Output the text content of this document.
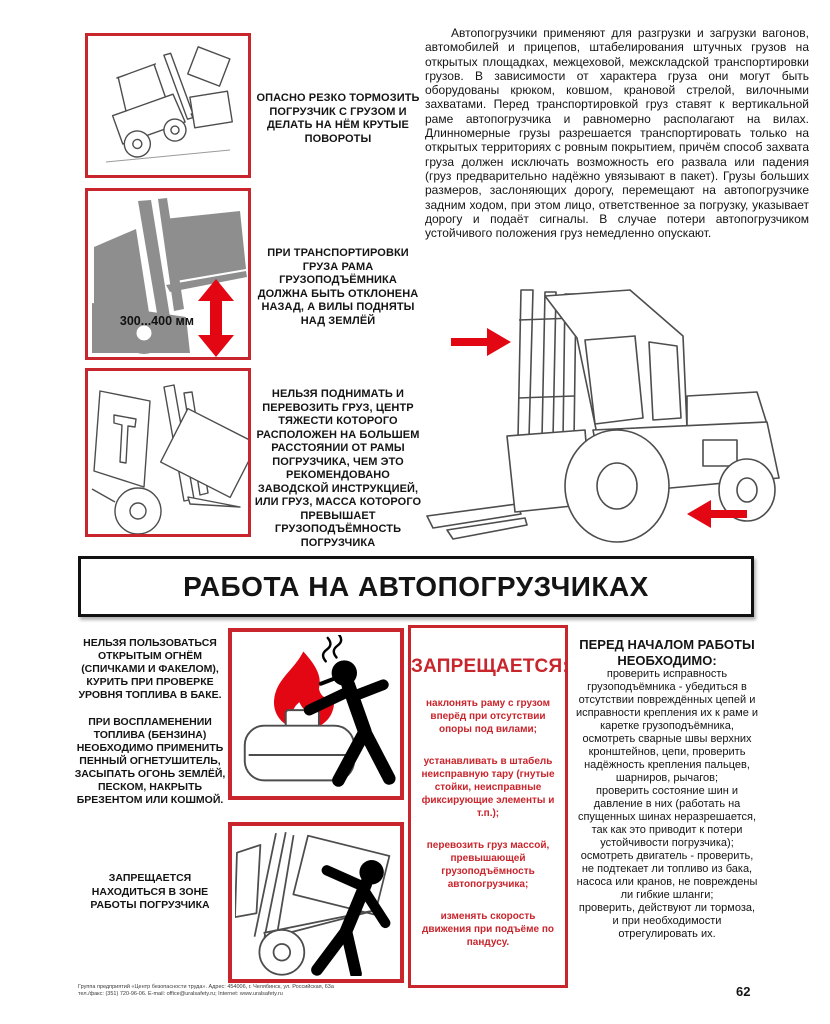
300...400 мм
ОПАСНО РЕЗКО ТОРМОЗИТЬ ПОГРУЗЧИК С ГРУЗОМ И ДЕЛАТЬ НА НЁМ КРУТЫЕ ПОВОРОТЫ
ПРИ ТРАНСПОРТИРОВКИ ГРУЗА РАМА ГРУЗОПОДЪЁМНИКА ДОЛЖНА БЫТЬ ОТКЛОНЕНА НАЗАД, А ВИЛЫ ПОДНЯТЫ НАД ЗЕМЛЁЙ
НЕЛЬЗЯ ПОДНИМАТЬ И ПЕРЕВОЗИТЬ ГРУЗ, ЦЕНТР ТЯЖЕСТИ КОТОРОГО РАСПОЛОЖЕН НА БОЛЬШЕМ РАССТОЯНИИ ОТ РАМЫ ПОГРУЗЧИКА, ЧЕМ ЭТО РЕКОМЕНДОВАНО ЗАВОДСКОЙ ИНСТРУКЦИЕЙ, ИЛИ ГРУЗ, МАССА КОТОРОГО ПРЕВЫШАЕТ ГРУЗОПОДЪЁМНОСТЬ ПОГРУЗЧИКА

Автопогрузчики применяют для разгрузки и загрузки вагонов, автомобилей и прицепов, штабелирования штучных грузов на открытых площадках, межцеховой, межскладской транспортировки грузов. В зависимости от характера груза они могут быть оборудованы крюком, ковшом, крановой стрелой, вилочными захватами. Перед транспортировкой груз ставят к вертикальной раме автопогрузчика и равномерно располагают на вилах. Длинномерные грузы разрешается транспортировать только на открытых территориях с ровным покрытием, причём способ захвата груза должен исключать возможность его развала или падения (груз предварительно надёжно увязывают в пакет). Грузы больших размеров, заслоняющих дорогу, перемещают на автопогрузчике задним ходом, при этом лицо, ответственное за погрузку, указывает дорогу и подаёт сигналы. В случае потери автопогрузчиком устойчивого положения груз немедленно опускают.

РАБОТА НА АВТОПОГРУЗЧИКАХ
НЕЛЬЗЯ ПОЛЬЗОВАТЬСЯ ОТКРЫТЫМ ОГНЁМ (СПИЧКАМИ И ФАКЕЛОМ), КУРИТЬ ПРИ ПРОВЕРКЕ УРОВНЯ ТОПЛИВА В БАКЕ.
ПРИ ВОСПЛАМЕНЕНИИ ТОПЛИВА (БЕНЗИНА) НЕОБХОДИМО ПРИМЕНИТЬ ПЕННЫЙ ОГНЕТУШИТЕЛЬ, ЗАСЫПАТЬ ОГОНЬ ЗЕМЛЁЙ, ПЕСКОМ, НАКРЫТЬ БРЕЗЕНТОМ ИЛИ КОШМОЙ.
ЗАПРЕЩАЕТСЯ НАХОДИТЬСЯ В ЗОНЕ РАБОТЫ ПОГРУЗЧИКА
ЗАПРЕЩАЕТСЯ:
наклонять раму с грузом вперёд при отсутствии опоры под вилами;
устанавливать в штабель неисправную тару (гнутые стойки, неисправные фиксирующие элементы и т.п.);
перевозить груз массой, превышающей грузоподъёмность автопогрузчика;
изменять скорость движения при подъёме по пандусу.
ПЕРЕД НАЧАЛОМ РАБОТЫ НЕОБХОДИМО:
проверить исправность грузоподъёмника - убедиться в отсутствии повреждённых цепей и исправности крепления их к раме и каретке грузоподъёмника, осмотреть сварные швы верхних кронштейнов, цепи, проверить надёжность крепления пальцев, шарниров, рычагов;
проверить состояние шин и давление в них (работать на спущенных шинах неразрешается, так как это приводит к потери устойчивости погрузчика);
осмотреть двигатель - проверить, не подтекает ли топливо из бака, насоса или кранов, не повреждены ли гибкие шланги;
проверить, действуют ли тормоза, и при необходимости отрегулировать их.
Группа предприятий «Центр безопасности труда». Адрес: 454006, г. Челябинск, ул. Российская, 63а
тел./факс: (351) 720-96-06. E-mail: office@uralsafety.ru; Internet: www.uralsafety.ru	62
